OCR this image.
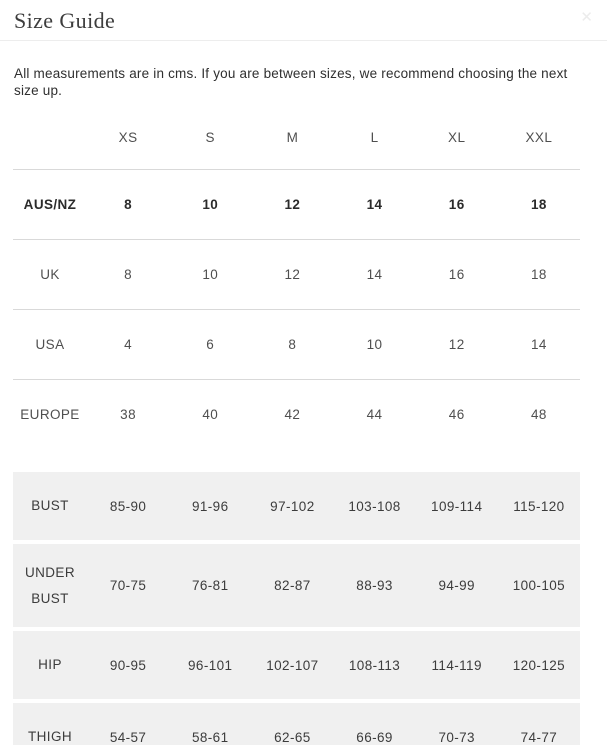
Size Guide	✕

All measurements are in cms. If you are between sizes, we recommend choosing the next size up.

	XS	S	M	L	XL	XXL
AUS/NZ	8	10	12	14	16	18
UK	8	10	12	14	16	18
USA	4	6	8	10	12	14
EUROPE	38	40	42	44	46	48
BUST	85-90	91-96	97-102	103-108	109-114	115-120
UNDER BUST	70-75	76-81	82-87	88-93	94-99	100-105
HIP	90-95	96-101	102-107	108-113	114-119	120-125
THIGH	54-57	58-61	62-65	66-69	70-73	74-77
